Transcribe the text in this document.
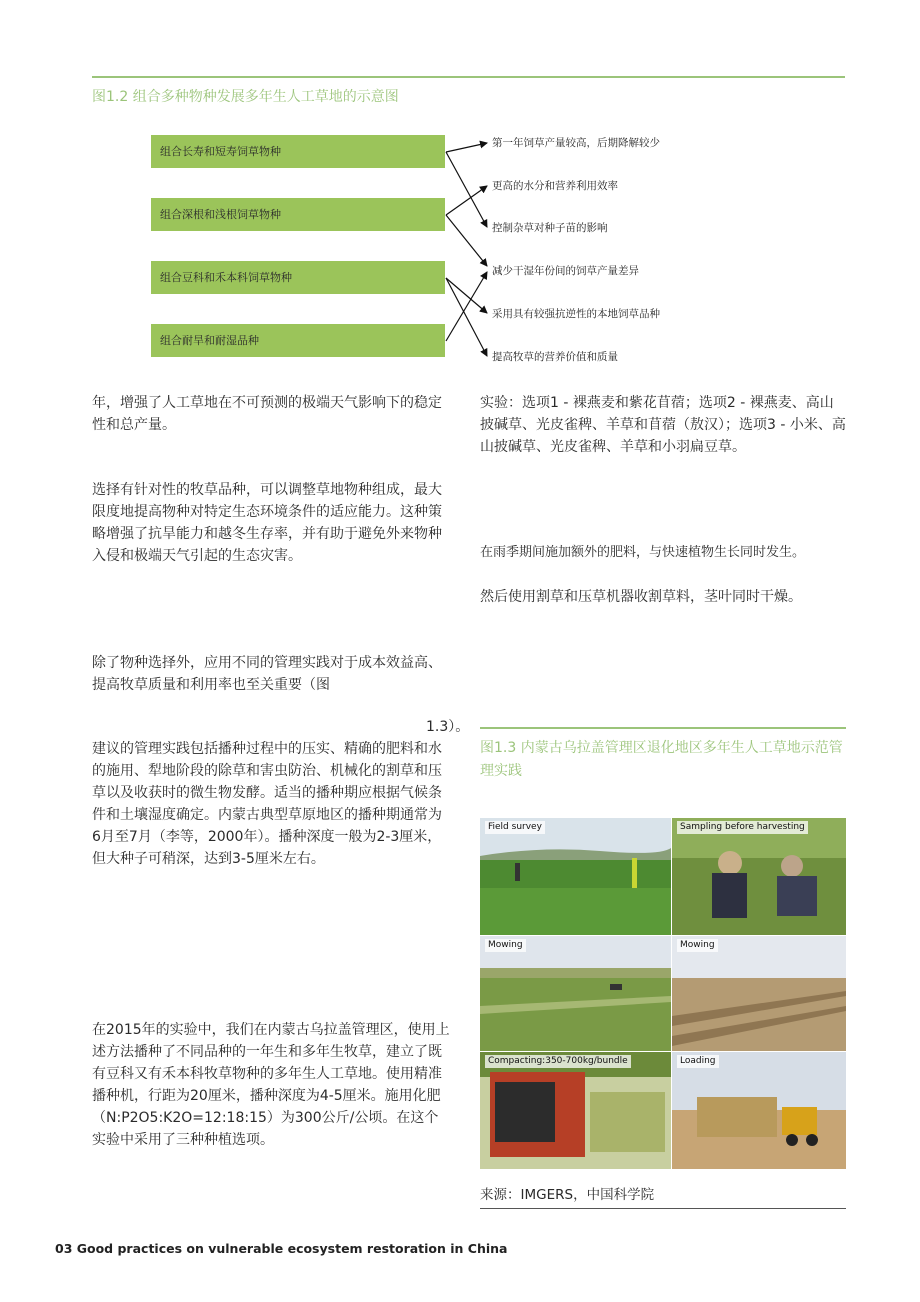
图1.2 组合多种物种发展多年生人工草地的示意图
组合长寿和短寿饲草物种
组合深根和浅根饲草物种
组合豆科和禾本科饲草物种
组合耐旱和耐湿品种
第一年饲草产量较高，后期降解较少
更高的水分和营养利用效率
控制杂草对种子苗的影响
减少干湿年份间的饲草产量差异
采用具有较强抗逆性的本地饲草品种
提高牧草的营养价值和质量

年，增强了人工草地在不可预测的极端天气影响下的稳定性和总产量。

选择有针对性的牧草品种，可以调整草地物种组成，最大限度地提高物种对特定生态环境条件的适应能力。这种策略增强了抗旱能力和越冬生存率，并有助于避免外来物种入侵和极端天气引起的生态灾害。

除了物种选择外，应用不同的管理实践对于成本效益高、提高牧草质量和利用率也至关重要（图

1.3）。

建议的管理实践包括播种过程中的压实、精确的肥料和水的施用、犁地阶段的除草和害虫防治、机械化的割草和压草以及收获时的微生物发酵。适当的播种期应根据气候条件和土壤湿度确定。内蒙古典型草原地区的播种期通常为6月至7月（李等，2000年）。播种深度一般为2-3厘米，但大种子可稍深，达到3-5厘米左右。

在2015年的实验中，我们在内蒙古乌拉盖管理区，使用上述方法播种了不同品种的一年生和多年生牧草，建立了既有豆科又有禾本科牧草物种的多年生人工草地。使用精准播种机，行距为20厘米，播种深度为4-5厘米。施用化肥（N:P2O5:K2O=12:18:15）为300公斤/公顷。在这个实验中采用了三种种植选项。

实验：选项1 - 裸燕麦和紫花苜蓿；选项2 - 裸燕麦、高山披碱草、光皮雀稗、羊草和苜蓿（敖汉）；选项3 - 小米、高山披碱草、光皮雀稗、羊草和小羽扁豆草。

在雨季期间施加额外的肥料，与快速植物生长同时发生。

然后使用割草和压草机器收割草料，茎叶同时干燥。

图1.3 内蒙古乌拉盖管理区退化地区多年生人工草地示范管理实践
Field survey	Sampling before harvesting
Mowing	Mowing
Compacting:350-700kg/bundle	Loading
来源：IMGERS，中国科学院
03 Good practices on vulnerable ecosystem restoration in China
